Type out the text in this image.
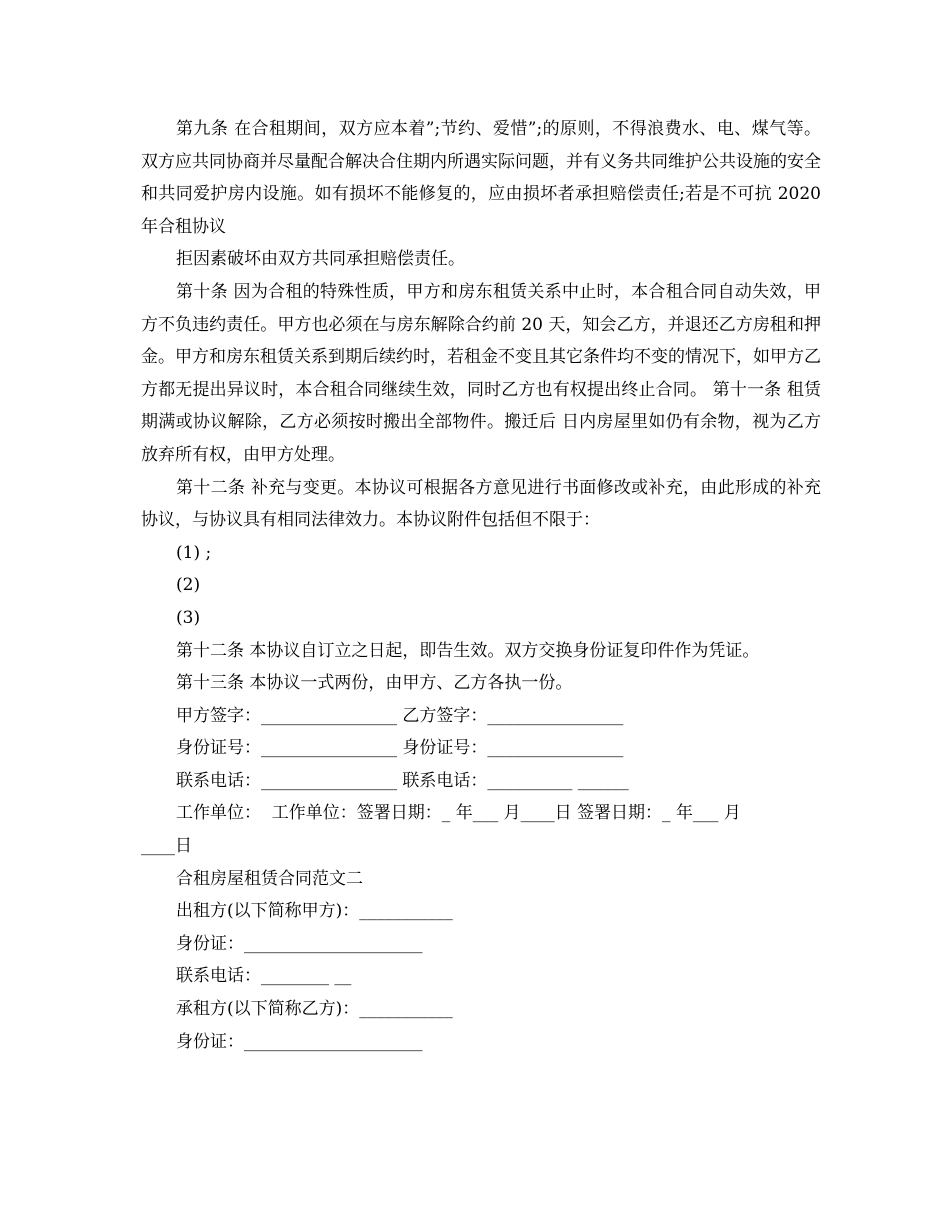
第九条 在合租期间，双方应本着”;节约、爱惜”;的原则，不得浪费水、电、煤气等。双方应共同协商并尽量配合解决合住期内所遇实际问题，并有义务共同维护公共设施的安全和共同爱护房内设施。如有损坏不能修复的，应由损坏者承担赔偿责任;若是不可抗 2020年合租协议

拒因素破坏由双方共同承担赔偿责任。

第十条 因为合租的特殊性质，甲方和房东租赁关系中止时，本合租合同自动失效，甲方不负违约责任。甲方也必须在与房东解除合约前 20 天，知会乙方，并退还乙方房租和押金。甲方和房东租赁关系到期后续约时，若租金不变且其它条件均不变的情况下，如甲方乙方都无提出异议时，本合租合同继续生效，同时乙方也有权提出终止合同。 第十一条 租赁期满或协议解除，乙方必须按时搬出全部物件。搬迁后 日内房屋里如仍有余物，视为乙方放弃所有权，由甲方处理。

第十二条 补充与变更。本协议可根据各方意见进行书面修改或补充，由此形成的补充协议，与协议具有相同法律效力。本协议附件包括但不限于：

(1) ;

(2)

(3)

第十二条 本协议自订立之日起，即告生效。双方交换身份证复印件作为凭证。

第十三条 本协议一式两份，由甲方、乙方各执一份。

甲方签字：________________ 乙方签字：________________

身份证号：________________ 身份证号：________________

联系电话：________________ 联系电话：__________ ______

工作单位：  工作单位：签署日期：_ 年___ 月____日 签署日期：_ 年___ 月

____日

合租房屋租赁合同范文二

出租方(以下简称甲方)：___________

身份证：_____________________

联系电话：________ __

承租方(以下简称乙方)：___________

身份证：_____________________
